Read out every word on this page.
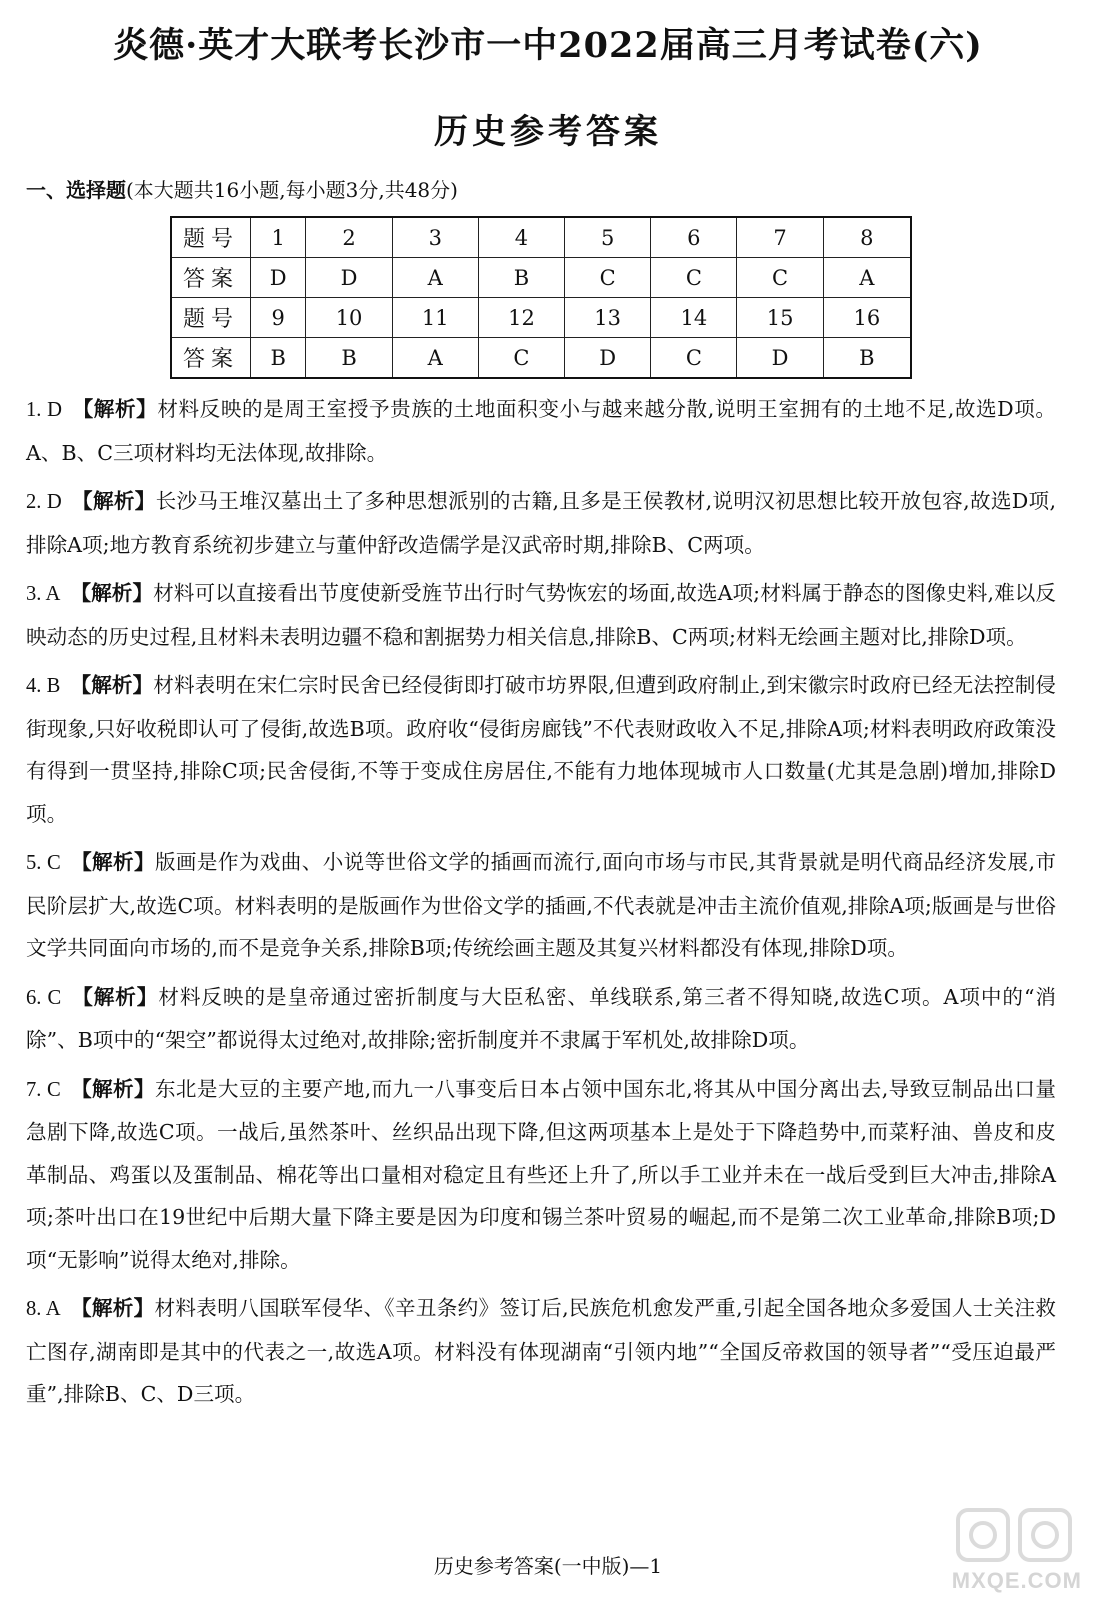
炎德·英才大联考长沙市一中2022届高三月考试卷(六)
历史参考答案
一、选择题(本大题共16小题,每小题3分,共48分)
题号	1	2	3	4	5	6	7	8
答案	D	D	A	B	C	C	C	A
题号	9	10	11	12	13	14	15	16
答案	B	B	A	C	D	C	D	B

1. D 【解析】材料反映的是周王室授予贵族的土地面积变小与越来越分散,说明王室拥有的土地不足,故选D项。A、B、C三项材料均无法体现,故排除。

2. D 【解析】长沙马王堆汉墓出土了多种思想派别的古籍,且多是王侯教材,说明汉初思想比较开放包容,故选D项,排除A项;地方教育系统初步建立与董仲舒改造儒学是汉武帝时期,排除B、C两项。

3. A 【解析】材料可以直接看出节度使新受旌节出行时气势恢宏的场面,故选A项;材料属于静态的图像史料,难以反映动态的历史过程,且材料未表明边疆不稳和割据势力相关信息,排除B、C两项;材料无绘画主题对比,排除D项。

4. B 【解析】材料表明在宋仁宗时民舍已经侵街即打破市坊界限,但遭到政府制止,到宋徽宗时政府已经无法控制侵街现象,只好收税即认可了侵街,故选B项。政府收“侵街房廊钱”不代表财政收入不足,排除A项;材料表明政府政策没有得到一贯坚持,排除C项;民舍侵街,不等于变成住房居住,不能有力地体现城市人口数量(尤其是急剧)增加,排除D项。

5. C 【解析】版画是作为戏曲、小说等世俗文学的插画而流行,面向市场与市民,其背景就是明代商品经济发展,市民阶层扩大,故选C项。材料表明的是版画作为世俗文学的插画,不代表就是冲击主流价值观,排除A项;版画是与世俗文学共同面向市场的,而不是竞争关系,排除B项;传统绘画主题及其复兴材料都没有体现,排除D项。

6. C 【解析】材料反映的是皇帝通过密折制度与大臣私密、单线联系,第三者不得知晓,故选C项。A项中的“消除”、B项中的“架空”都说得太过绝对,故排除;密折制度并不隶属于军机处,故排除D项。

7. C 【解析】东北是大豆的主要产地,而九一八事变后日本占领中国东北,将其从中国分离出去,导致豆制品出口量急剧下降,故选C项。一战后,虽然茶叶、丝织品出现下降,但这两项基本上是处于下降趋势中,而菜籽油、兽皮和皮革制品、鸡蛋以及蛋制品、棉花等出口量相对稳定且有些还上升了,所以手工业并未在一战后受到巨大冲击,排除A项;茶叶出口在19世纪中后期大量下降主要是因为印度和锡兰茶叶贸易的崛起,而不是第二次工业革命,排除B项;D项“无影响”说得太绝对,排除。

8. A 【解析】材料表明八国联军侵华、《辛丑条约》签订后,民族危机愈发严重,引起全国各地众多爱国人士关注救亡图存,湖南即是其中的代表之一,故选A项。材料没有体现湖南“引领内地”“全国反帝救国的领导者”“受压迫最严重”,排除B、C、D三项。

历史参考答案(一中版)—1
MXQE.COM
